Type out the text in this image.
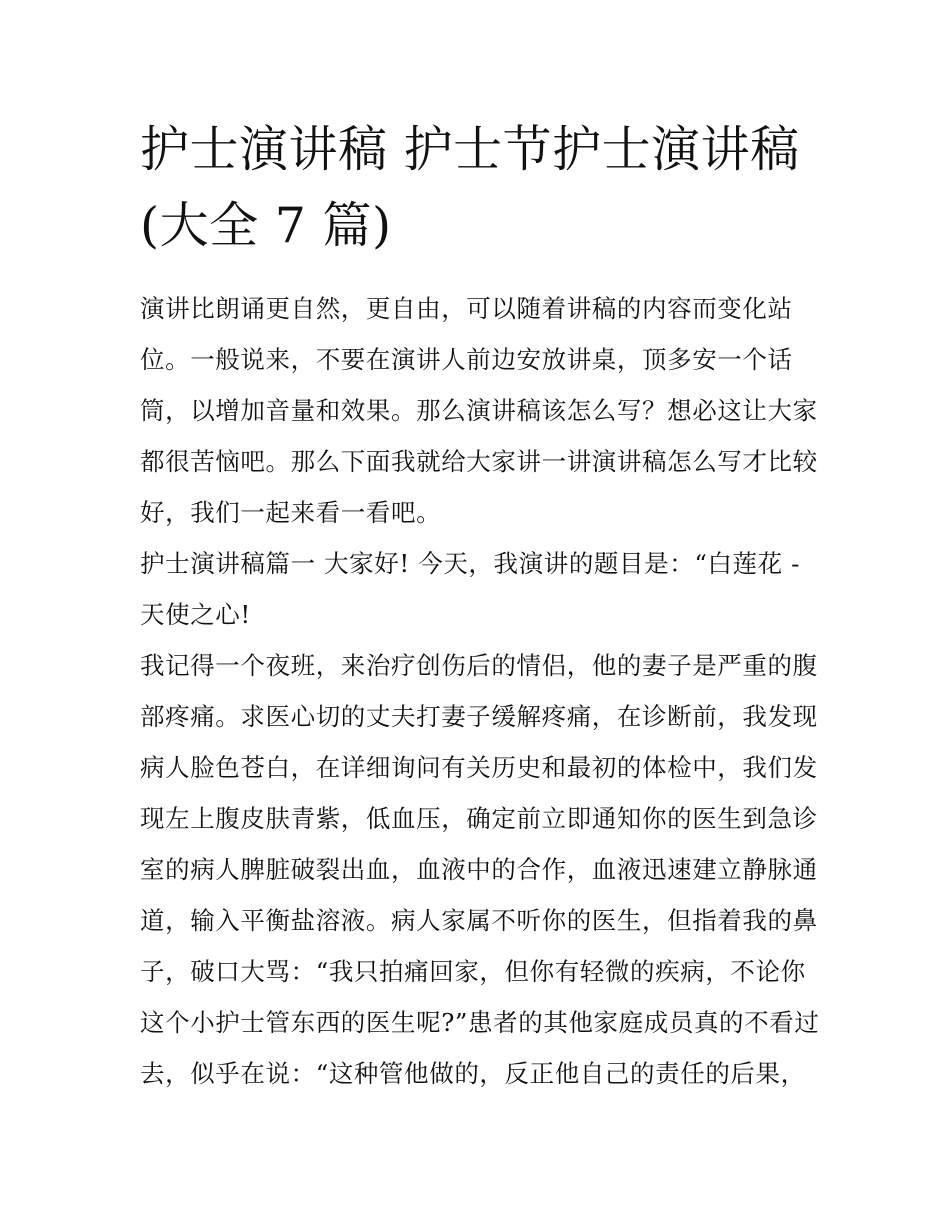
护士演讲稿 护士节护士演讲稿
(大全 7 篇)

演讲比朗诵更自然，更自由，可以随着讲稿的内容而变化站
位。一般说来，不要在演讲人前边安放讲桌，顶多安一个话
筒，以增加音量和效果。那么演讲稿该怎么写？想必这让大家
都很苦恼吧。那么下面我就给大家讲一讲演讲稿怎么写才比较
好，我们一起来看一看吧。

护士演讲稿篇一 大家好! 今天，我演讲的题目是：“白莲花 -
天使之心!

我记得一个夜班，来治疗创伤后的情侣，他的妻子是严重的腹
部疼痛。求医心切的丈夫打妻子缓解疼痛，在诊断前，我发现
病人脸色苍白，在详细询问有关历史和最初的体检中，我们发
现左上腹皮肤青紫，低血压，确定前立即通知你的医生到急诊
室的病人脾脏破裂出血，血液中的合作，血液迅速建立静脉通
道，输入平衡盐溶液。病人家属不听你的医生，但指着我的鼻
子，破口大骂：“我只拍痛回家，但你有轻微的疾病，不论你
这个小护士管东西的医生呢?”患者的其他家庭成员真的不看过
去，似乎在说：“这种管他做的，反正他自己的责任的后果，
